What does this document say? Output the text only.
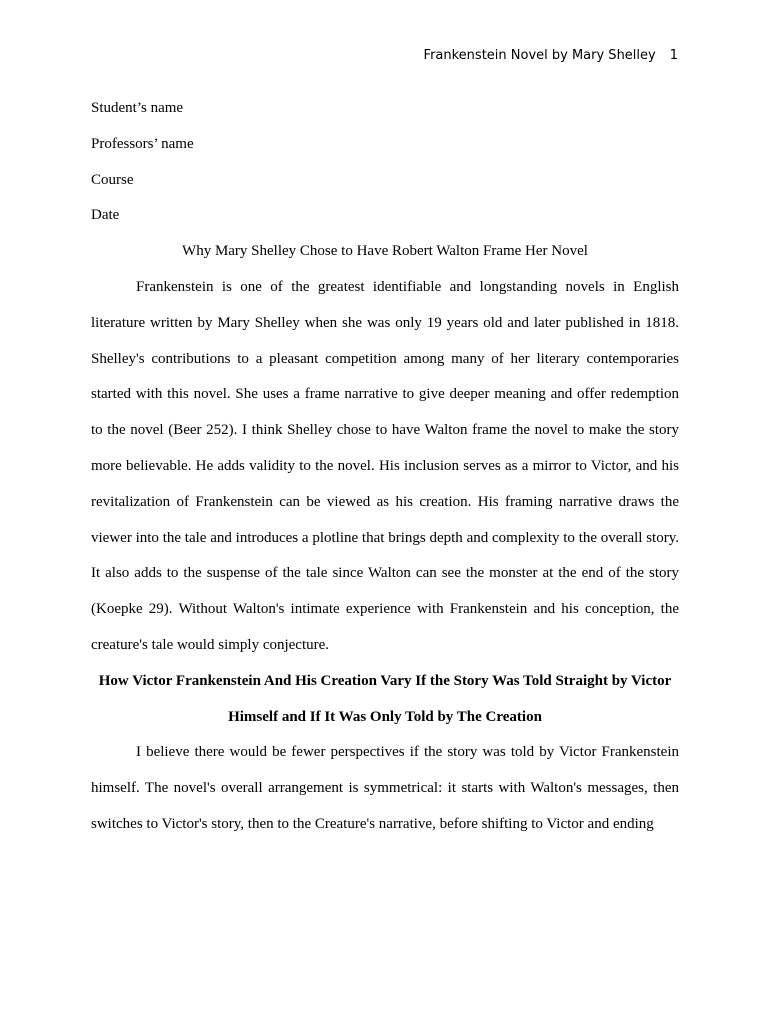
Frankenstein Novel by Mary Shelley 1

Student’s name

Professors’ name

Course

Date

Why Mary Shelley Chose to Have Robert Walton Frame Her Novel

Frankenstein is one of the greatest identifiable and longstanding novels in English literature written by Mary Shelley when she was only 19 years old and later published in 1818. Shelley's contributions to a pleasant competition among many of her literary contemporaries started with this novel. She uses a frame narrative to give deeper meaning and offer redemption to the novel (Beer 252). I think Shelley chose to have Walton frame the novel to make the story more believable. He adds validity to the novel. His inclusion serves as a mirror to Victor, and his revitalization of Frankenstein can be viewed as his creation. His framing narrative draws the viewer into the tale and introduces a plotline that brings depth and complexity to the overall story. It also adds to the suspense of the tale since Walton can see the monster at the end of the story (Koepke 29). Without Walton's intimate experience with Frankenstein and his conception, the creature's tale would simply conjecture.

How Victor Frankenstein And His Creation Vary If the Story Was Told Straight by Victor Himself and If It Was Only Told by The Creation

I believe there would be fewer perspectives if the story was told by Victor Frankenstein himself. The novel's overall arrangement is symmetrical: it starts with Walton's messages, then switches to Victor's story, then to the Creature's narrative, before shifting to Victor and ending
